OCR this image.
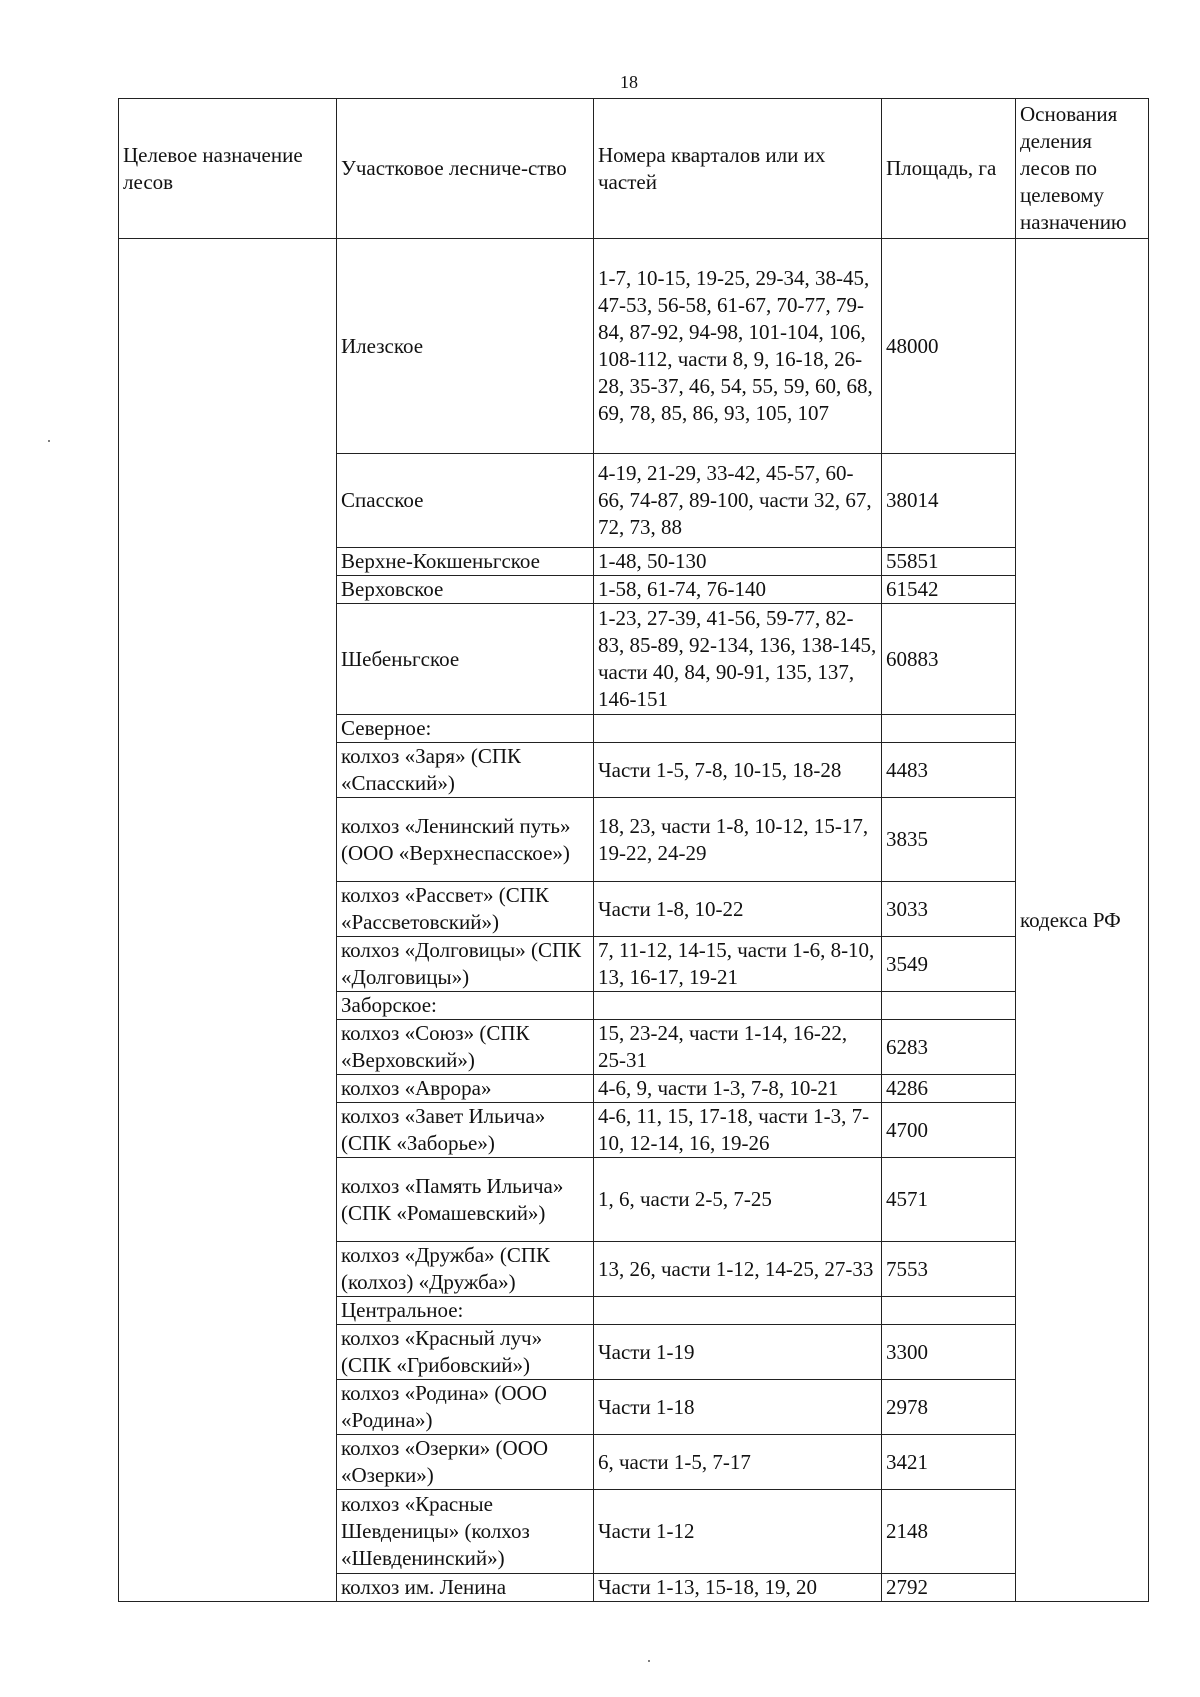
18
Целевое назначение лесов	Участковое лесниче-ство	Номера кварталов или их частей	Площадь, га	Основания деления лесов по целевому назначению
	Илезское	1-7, 10-15, 19-25, 29-34, 38-45, 47-53, 56-58, 61-67, 70-77, 79-84, 87-92, 94-98, 101-104, 106, 108-112, части 8, 9, 16-18, 26-28, 35-37, 46, 54, 55, 59, 60, 68, 69, 78, 85, 86, 93, 105, 107	48000	кодекса РФ
	Спасское	4-19, 21-29, 33-42, 45-57, 60-66, 74-87, 89-100, части 32, 67, 72, 73, 88	38014	
	Верхне-Кокшеньгское	1-48, 50-130	55851	
	Верховское	1-58, 61-74, 76-140	61542	
	Шебеньгское	1-23, 27-39, 41-56, 59-77, 82-83, 85-89, 92-134, 136, 138-145, части 40, 84, 90-91, 135, 137, 146-151	60883	
	Северное:			
	колхоз «Заря» (СПК «Спасский»)	Части 1-5, 7-8, 10-15, 18-28	4483	
	колхоз «Ленинский путь» (ООО «Верхнеспасское»)	18, 23, части 1-8, 10-12, 15-17, 19-22, 24-29	3835	
	колхоз «Рассвет» (СПК «Рассветовский»)	Части 1-8, 10-22	3033	
	колхоз «Долговицы» (СПК «Долговицы»)	7, 11-12, 14-15, части 1-6, 8-10, 13, 16-17, 19-21	3549	
	Заборское:			
	колхоз «Союз» (СПК «Верховский»)	15, 23-24, части 1-14, 16-22, 25-31	6283	
	колхоз «Аврора»	4-6, 9, части 1-3, 7-8, 10-21	4286	
	колхоз «Завет Ильича» (СПК «Заборье»)	4-6, 11, 15, 17-18, части 1-3, 7-10, 12-14, 16, 19-26	4700	
	колхоз «Память Ильича» (СПК «Ромашевский»)	1, 6, части 2-5, 7-25	4571	
	колхоз «Дружба» (СПК (колхоз) «Дружба»)	13, 26, части 1-12, 14-25, 27-33	7553	
	Центральное:			
	колхоз «Красный луч» (СПК «Грибовский»)	Части 1-19	3300	
	колхоз «Родина» (ООО «Родина»)	Части 1-18	2978	
	колхоз «Озерки» (ООО «Озерки»)	6, части 1-5, 7-17	3421	
	колхоз «Красные Шевденицы» (колхоз «Шевденинский»)	Части 1-12	2148	
	колхоз им. Ленина	Части 1-13, 15-18, 19, 20	2792	
